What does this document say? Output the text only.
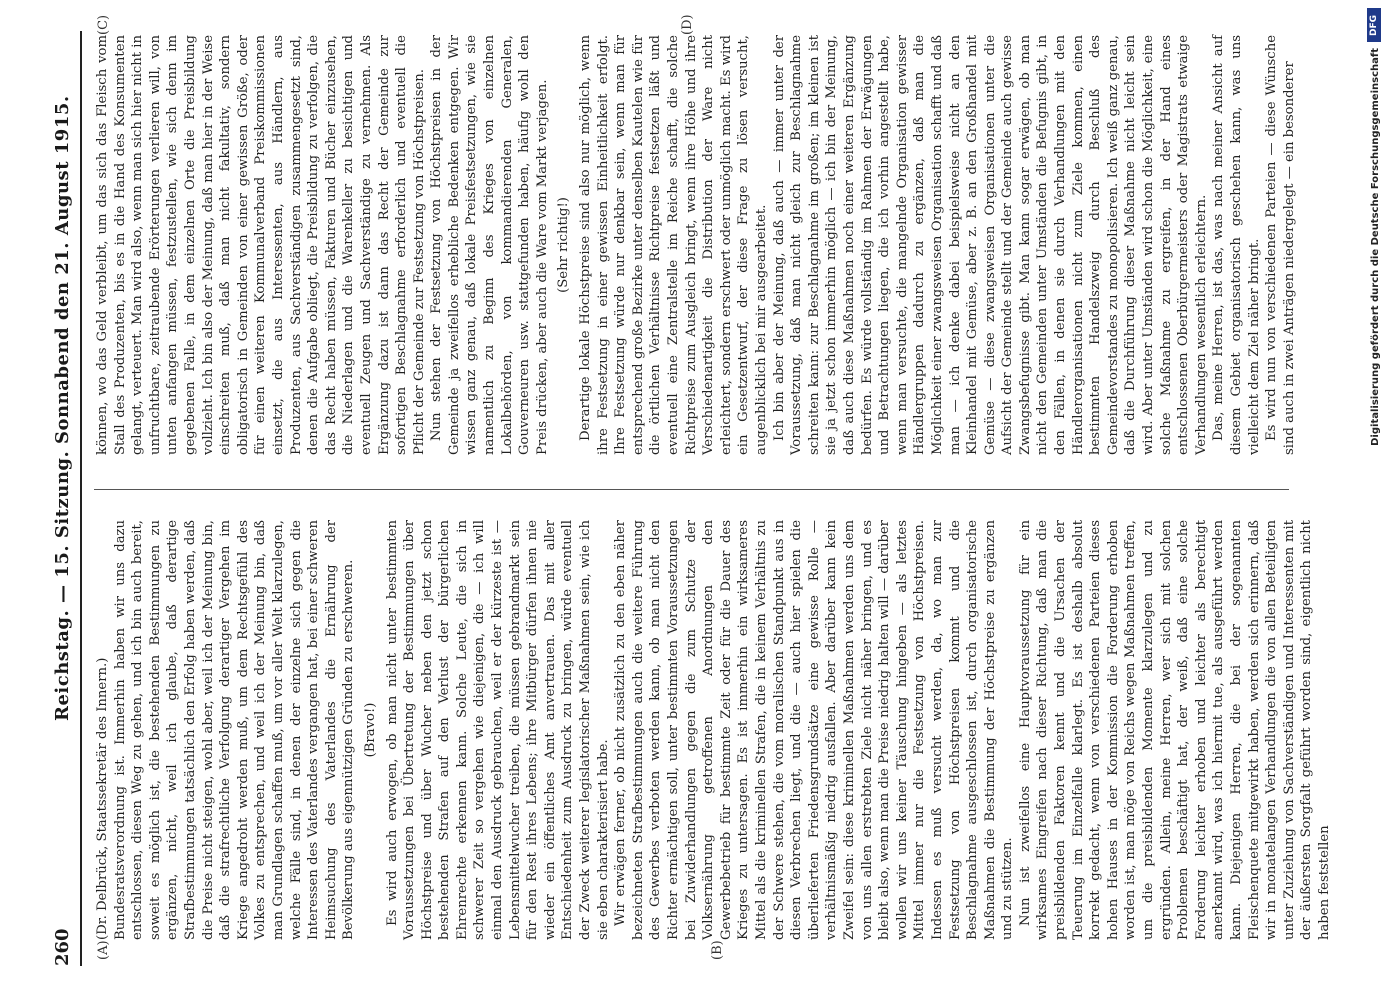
260
Reichstag. — 15. Sitzung. Sonnabend den 21. August 1915.
(A)	(B)
(C)	(D)

(Dr. Delbrück, Staatssekretär des Innern.) Bundesratsverordnung ist. Immerhin haben wir uns dazu entschlossen, diesen Weg zu gehen, und ich bin auch bereit, soweit es möglich ist, die bestehenden Bestimmungen zu ergänzen, nicht, weil ich glaube, daß derartige Strafbestimmungen tatsächlich den Erfolg haben werden, daß die Preise nicht steigen, wohl aber, weil ich der Meinung bin, daß die strafrechtliche Verfolgung derartiger Vergehen im Kriege angedroht werden muß, um dem Rechtsgefühl des Volkes zu entsprechen, und weil ich der Meinung bin, daß man Grundlagen schaffen muß, um vor aller Welt klarzulegen, welche Fälle sind, in denen der einzelne sich gegen die Interessen des Vaterlandes vergangen hat, bei einer schweren Heimsuchung des Vaterlandes die Ernährung der Bevölkerung aus eigennützigen Gründen zu erschweren. (Bravo!) Es wird auch erwogen, ob man nicht unter bestimmten Voraussetzungen bei Übertretung der Bestimmungen über Höchstpreise und über Wucher neben den jetzt schon bestehenden Strafen auf den Verlust der bürgerlichen Ehrenrechte erkennen kann. Solche Leute, die sich in schwerer Zeit so vergehen wie diejenigen, die — ich will einmal den Ausdruck gebrauchen, weil er der kürzeste ist — Lebensmittelwucher treiben, die müssen gebrandmarkt sein für den Rest ihres Lebens; ihre Mitbürger dürfen ihnen nie wieder ein öffentliches Amt anvertrauen. Das mit aller Entschiedenheit zum Ausdruck zu bringen, würde eventuell der Zweck weiterer legislatorischer Maßnahmen sein, wie ich sie eben charakterisiert habe. Wir erwägen ferner, ob nicht zusätzlich zu den eben näher bezeichneten Strafbestimmungen auch die weitere Führung des Gewerbes verboten werden kann, ob man nicht den Richter ermächtigen soll, unter bestimmten Voraussetzungen bei Zuwiderhandlungen gegen die zum Schutze der Volksernährung getroffenen Anordnungen den Gewerbebetrieb für bestimmte Zeit oder für die Dauer des Krieges zu untersagen. Es ist immerhin ein wirksameres Mittel als die kriminellen Strafen, die in keinem Verhältnis zu der Schwere stehen, die vom moralischen Standpunkt aus in diesen Verbrechen liegt, und die — auch hier spielen die überlieferten Friedensgrundsätze eine gewisse Rolle — verhältnismäßig niedrig ausfallen. Aber darüber kann kein Zweifel sein: diese kriminellen Maßnahmen werden uns dem von uns allen erstrebten Ziele nicht näher bringen, und es bleibt also, wenn man die Preise niedrig halten will — darüber wollen wir uns keiner Täuschung hingeben — als letztes Mittel immer nur die Festsetzung von Höchstpreisen. Indessen es muß versucht werden, da, wo man zur Festsetzung von Höchstpreisen kommt und die Beschlagnahme ausgeschlossen ist, durch organisatorische Maßnahmen die Bestimmung der Höchstpreise zu ergänzen und zu stützen. Nun ist zweifellos eine Hauptvoraussetzung für ein wirksames Eingreifen nach dieser Richtung, daß man die preisbildenden Faktoren kennt und die Ursachen der Teuerung im Einzelfalle klarlegt. Es ist deshalb absolut korrekt gedacht, wenn von verschiedenen Parteien dieses hohen Hauses in der Kommission die Forderung erhoben worden ist, man möge von Reichs wegen Maßnahmen treffen, um die preisbildenden Momente klarzulegen und zu ergründen. Allein, meine Herren, wer sich mit solchen Problemen beschäftigt hat, der weiß, daß eine solche Forderung leichter erhoben und leichter als berechtigt anerkannt wird, was ich hiermit tue, als ausgeführt werden kann. Diejenigen Herren, die bei der sogenannten Fleischenquete mitgewirkt haben, werden sich erinnern, daß wir in monatelangen Verhandlungen die von allen Beteiligten unter Zuziehung von Sachverständigen und Interessenten mit der äußersten Sorgfalt geführt worden sind, eigentlich nicht haben feststellen

können, wo das Geld verbleibt, um das sich das Fleisch vom Stall des Produzenten, bis es in die Hand des Konsumenten gelangt, verteuert. Man wird also, wenn man sich hier nicht in unfruchtbare, zeitraubende Erörterungen verlieren will, von unten anfangen müssen, festzustellen, wie sich denn im gegebenen Falle, in dem einzelnen Orte die Preisbildung vollzieht. Ich bin also der Meinung, daß man hier in der Weise einschreiten muß, daß man nicht fakultativ, sondern obligatorisch in Gemeinden von einer gewissen Größe, oder für einen weiteren Kommunalverband Preiskommissionen einsetzt, die aus Interessenten, aus Händlern, aus Produzenten, aus Sachverständigen zusammengesetzt sind, denen die Aufgabe obliegt, die Preisbildung zu verfolgen, die das Recht haben müssen, Fakturen und Bücher einzusehen, die Niederlagen und die Warenkeller zu besichtigen und eventuell Zeugen und Sachverständige zu vernehmen. Als Ergänzung dazu ist dann das Recht der Gemeinde zur sofortigen Beschlagnahme erforderlich und eventuell die Pflicht der Gemeinde zur Festsetzung von Höchstpreisen. Nun stehen der Festsetzung von Höchstpreisen in der Gemeinde ja zweifellos erhebliche Bedenken entgegen. Wir wissen ganz genau, daß lokale Preisfestsetzungen, wie sie namentlich zu Beginn des Krieges von einzelnen Lokalbehörden, von kommandierenden Generalen, Gouverneuren usw. stattgefunden haben, häufig wohl den Preis drücken, aber auch die Ware vom Markt verjagen. (Sehr richtig!) Derartige lokale Höchstpreise sind also nur möglich, wenn ihre Festsetzung in einer gewissen Einheitlichkeit erfolgt. Ihre Festsetzung würde nur denkbar sein, wenn man für entsprechend große Bezirke unter denselben Kautelen wie für die örtlichen Verhältnisse Richtpreise festsetzen läßt und eventuell eine Zentralstelle im Reiche schafft, die solche Richtpreise zum Ausgleich bringt, wenn ihre Höhe und ihre Verschiedenartigkeit die Distribution der Ware nicht erleichtert, sondern erschwert oder unmöglich macht. Es wird ein Gesetzentwurf, der diese Frage zu lösen versucht, augenblicklich bei mir ausgearbeitet. Ich bin aber der Meinung, daß auch — immer unter der Voraussetzung, daß man nicht gleich zur Beschlagnahme schreiten kann: zur Beschlagnahme im großen; im kleinen ist sie ja jetzt schon immerhin möglich — ich bin der Meinung, daß auch diese Maßnahmen noch einer weiteren Ergänzung bedürfen. Es würde vollständig im Rahmen der Erwägungen und Betrachtungen liegen, die ich vorhin angestellt habe, wenn man versuchte, die mangelnde Organisation gewisser Händlergruppen dadurch zu ergänzen, daß man die Möglichkeit einer zwangsweisen Organisation schafft und daß man — ich denke dabei beispielsweise nicht an den Kleinhandel mit Gemüse, aber z. B. an den Großhandel mit Gemüse — diese zwangsweisen Organisationen unter die Aufsicht der Gemeinde stellt und der Gemeinde auch gewisse Zwangsbefugnisse gibt. Man kann sogar erwägen, ob man nicht den Gemeinden unter Umständen die Befugnis gibt, in den Fällen, in denen sie durch Verhandlungen mit den Händlerorganisationen nicht zum Ziele kommen, einen bestimmten Handelszweig durch Beschluß des Gemeindevorstandes zu monopolisieren. Ich weiß ganz genau, daß die Durchführung dieser Maßnahme nicht leicht sein wird. Aber unter Umständen wird schon die Möglichkeit, eine solche Maßnahme zu ergreifen, in der Hand eines entschlossenen Oberbürgermeisters oder Magistrats etwaige Verhandlungen wesentlich erleichtern. Das, meine Herren, ist das, was nach meiner Ansicht auf diesem Gebiet organisatorisch geschehen kann, was uns vielleicht dem Ziel näher bringt. Es wird nun von verschiedenen Parteien — diese Wünsche sind auch in zwei Anträgen niedergelegt — ein besonderer

DFG
Digitalisierung gefördert durch die Deutsche Forschungsgemeinschaft
